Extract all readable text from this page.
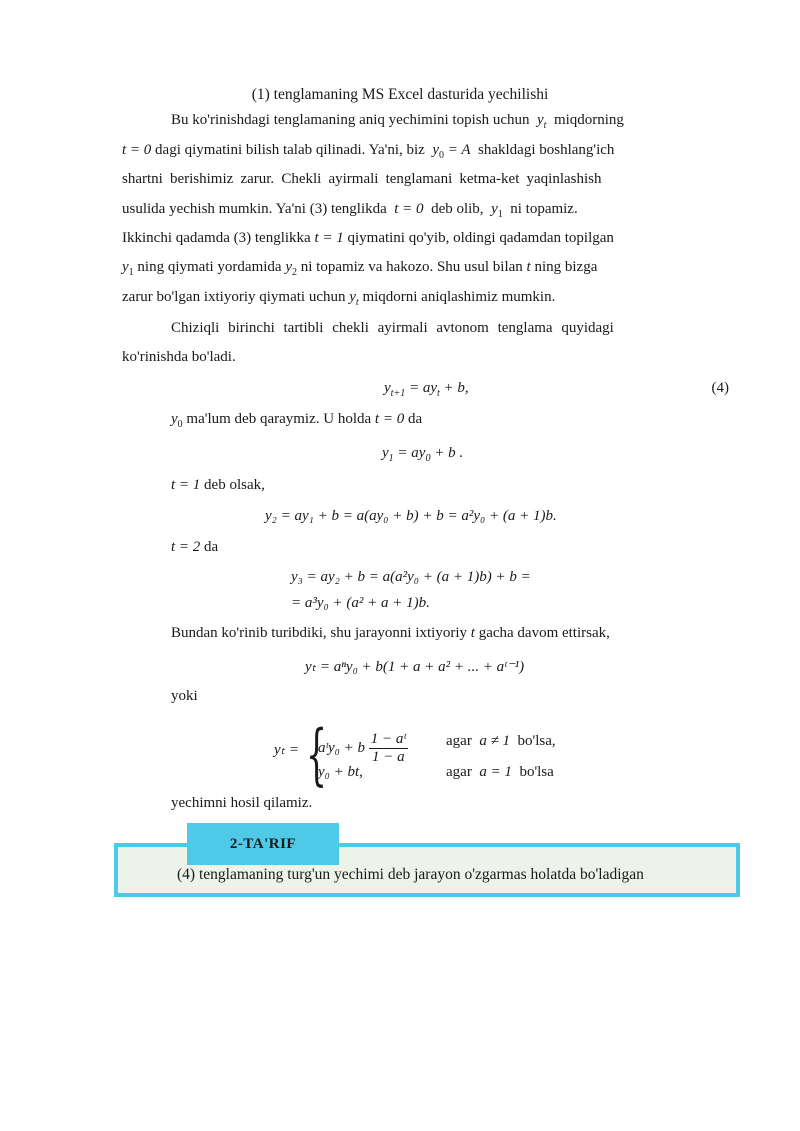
(1) tenglamaning MS Excel dasturida yechilishi
Bu ko'rinishdagi tenglamaning aniq yechimini topish uchun $y_t$ miqdorning
t = 0 dagi qiymatini bilish talab qilinadi. Ya'ni, biz $y_0 = A$ shakldagi boshlang'ich
shartni berishimiz zarur. Chekli ayirmali tenglamani ketma-ket yaqinlashish
usulida yechish mumkin. Ya'ni (3) tenglikda t = 0 deb olib, $y_1$ ni topamiz.
Ikkinchi qadamda (3) tenglikka t = 1 qiymatini qo'yib, oldingi qadamdan topilgan
$y_1$ ning qiymati yordamida $y_2$ ni topamiz va hakozo. Shu usul bilan t ning bizga
zarur bo'lgan ixtiyoriy qiymati uchun $y_t$ miqdorni aniqlashimiz mumkin.
Chiziqli birinchi tartibli chekli ayirmali avtonom tenglama quyidagi
ko'rinishda bo'ladi.
$y_{t+1} = ay_t + b$,	(4)
$y_0$ ma'lum deb qaraymiz. U holda t = 0 da
$y_1 = ay_0 + b$ .
t = 1 deb olsak,
y₂ = ay₁ + b = a(ay₀ + b) + b = a²y₀ + (a + 1)b.
t = 2 da
y₃ = ay₂ + b = a(a²y₀ + (a + 1)b) + b =
= a³y₀ + (a² + a + 1)b.
Bundan ko'rinib turibdiki, shu jarayonni ixtiyoriy t gacha davom ettirsak,
yₜ = aⁿy₀ + b(1 + a + a² + ... + aᵗ⁻¹)
yoki
yₜ = {
aᵗy₀ + b $\frac{\text{1 − aᵗ}}{1 - a}$	agar a ≠ 1 bo'lsa,
y₀ + bt,	agar a = 1 bo'lsa
yechimni hosil qilamiz.
2-TA'RIF
(4) tenglamaning turg'un yechimi deb jarayon o'zgarmas holatda bo'ladigan
